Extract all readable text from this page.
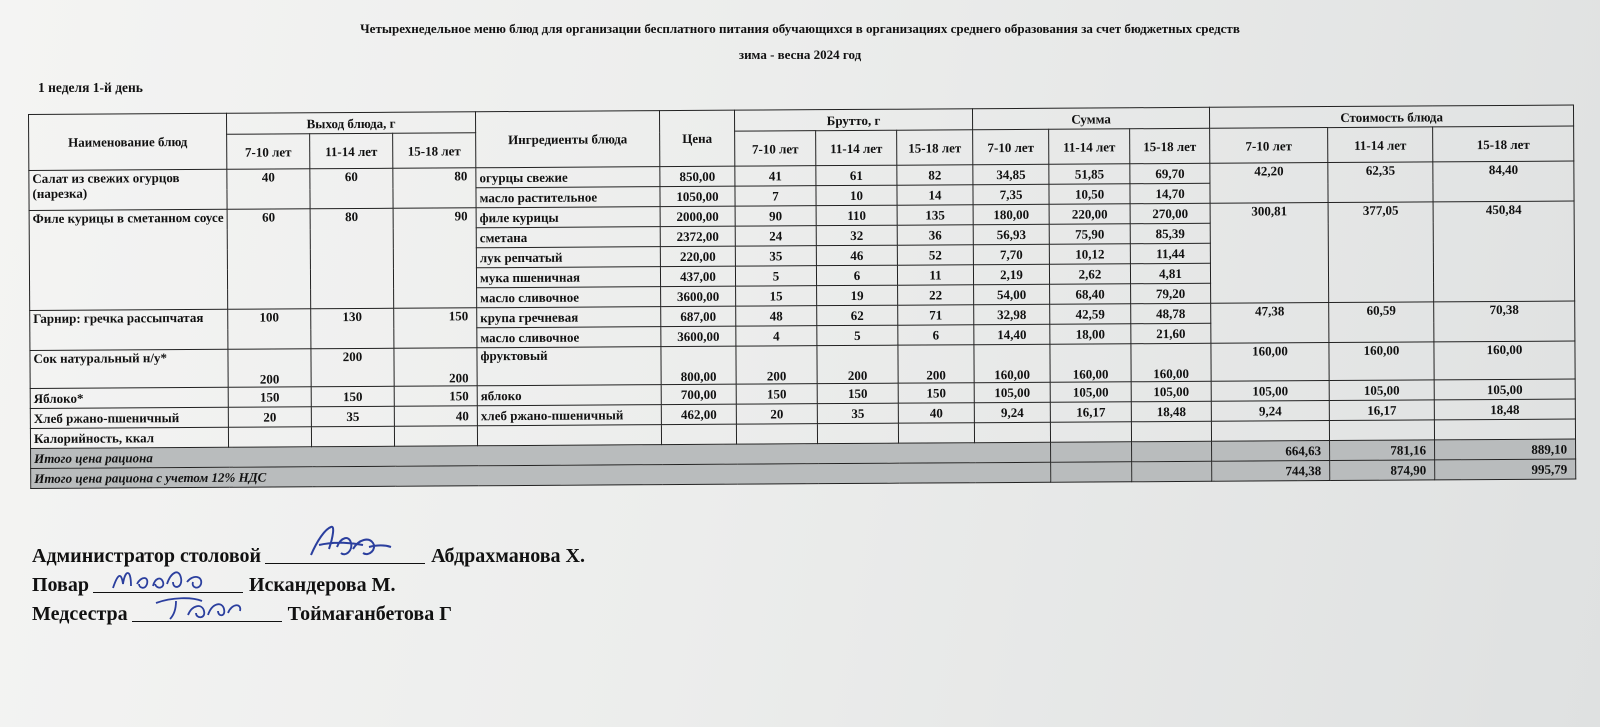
Четырехнедельное меню блюд для организации бесплатного питания обучающихся в организациях среднего образования за счет бюджетных средств
зима - весна 2024 год
1 неделя 1-й день
Наименование блюд	Выход блюда, г			Ингредиенты блюда	Цена	Брутто, г			Сумма			Стоимость блюда		
	7-10 лет	11-14 лет	15-18 лет			7-10 лет	11-14 лет	15-18 лет	7-10 лет	11-14 лет	15-18 лет	7-10 лет	11-14 лет	15-18 лет
Салат из свежих огурцов (нарезка)	40	60	80	огурцы свежие	850,00	41	61	82	34,85	51,85	69,70	42,20	62,35	84,40
				масло растительное	1050,00	7	10	14	7,35	10,50	14,70			
Филе курицы в сметанном соусе	60	80	90	филе курицы	2000,00	90	110	135	180,00	220,00	270,00	300,81	377,05	450,84
				сметана	2372,00	24	32	36	56,93	75,90	85,39			
				лук репчатый	220,00	35	46	52	7,70	10,12	11,44			
				мука пшеничная	437,00	5	6	11	2,19	2,62	4,81			
				масло сливочное	3600,00	15	19	22	54,00	68,40	79,20			
Гарнир: гречка рассыпчатая	100	130	150	крупа гречневая	687,00	48	62	71	32,98	42,59	48,78	47,38	60,59	70,38
				масло сливочное	3600,00	4	5	6	14,40	18,00	21,60			
Сок натуральный н/у*	200	200	200	фруктовый	800,00	200	200	200	160,00	160,00	160,00	160,00	160,00	160,00
Яблоко*	150	150	150	яблоко	700,00	150	150	150	105,00	105,00	105,00	105,00	105,00	105,00
Хлеб ржано-пшеничный	20	35	40	хлеб ржано-пшеничный	462,00	20	35	40	9,24	16,17	18,48	9,24	16,17	18,48
Калорийность, ккал														
Итого цена рациона												664,63	781,16	889,10
Итого цена рациона с учетом 12% НДС												744,38	874,90	995,79
Администратор столовой	Абдрахманова Х.
Повар	Искандерова М.
Медсестра	Тоймағанбетова Г
